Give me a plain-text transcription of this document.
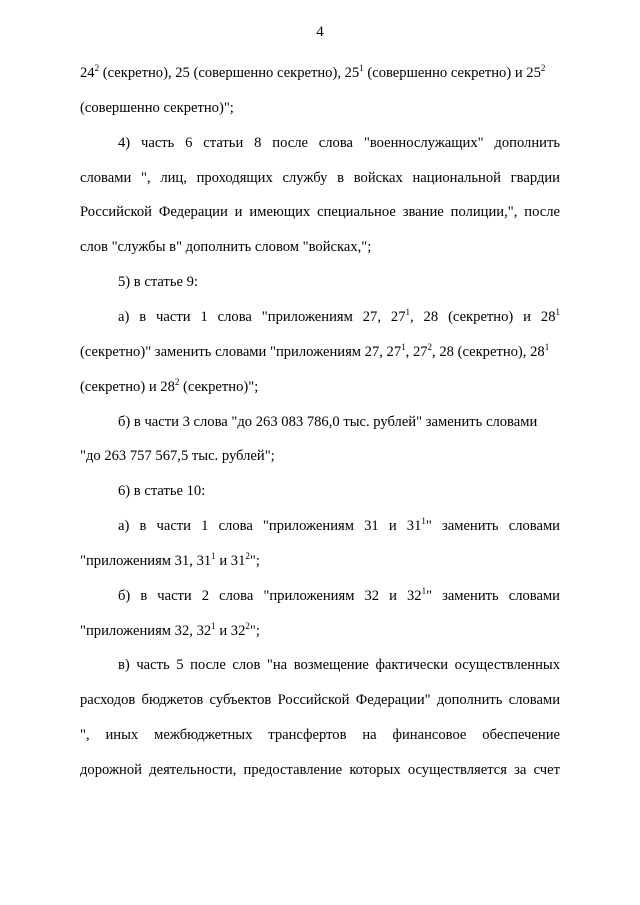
4
$24^2$ (секретно), 25 (совершенно секретно), $25^1$ (совершенно секретно) и $25^2$
(совершенно секретно)";
4) часть 6 статьи 8 после слова "военнослужащих" дополнить
словами ", лиц, проходящих службу в войсках национальной гвардии
Российской Федерации и имеющих специальное звание полиции,", после
слов "службы в" дополнить словом "войсках,";
5) в статье 9:
а) в части 1 слова "приложениям 27, $27^1$, 28 (секретно) и $28^1$
(секретно)" заменить словами "приложениям 27, $27^1$, $27^2$, 28 (секретно), $28^1$
(секретно) и $28^2$ (секретно)";
б) в части 3 слова "до 263 083 786,0 тыс. рублей" заменить словами
"до 263 757 567,5 тыс. рублей";
6) в статье 10:
а) в части 1 слова "приложениям 31 и $31^1$" заменить словами
"приложениям 31, $31^1$ и $31^2$";
б) в части 2 слова "приложениям 32 и $32^1$" заменить словами
"приложениям 32, $32^1$ и $32^2$";
в) часть 5 после слов "на возмещение фактически осуществленных
расходов бюджетов субъектов Российской Федерации" дополнить словами
", иных межбюджетных трансфертов на финансовое обеспечение
дорожной деятельности, предоставление которых осуществляется за счет
